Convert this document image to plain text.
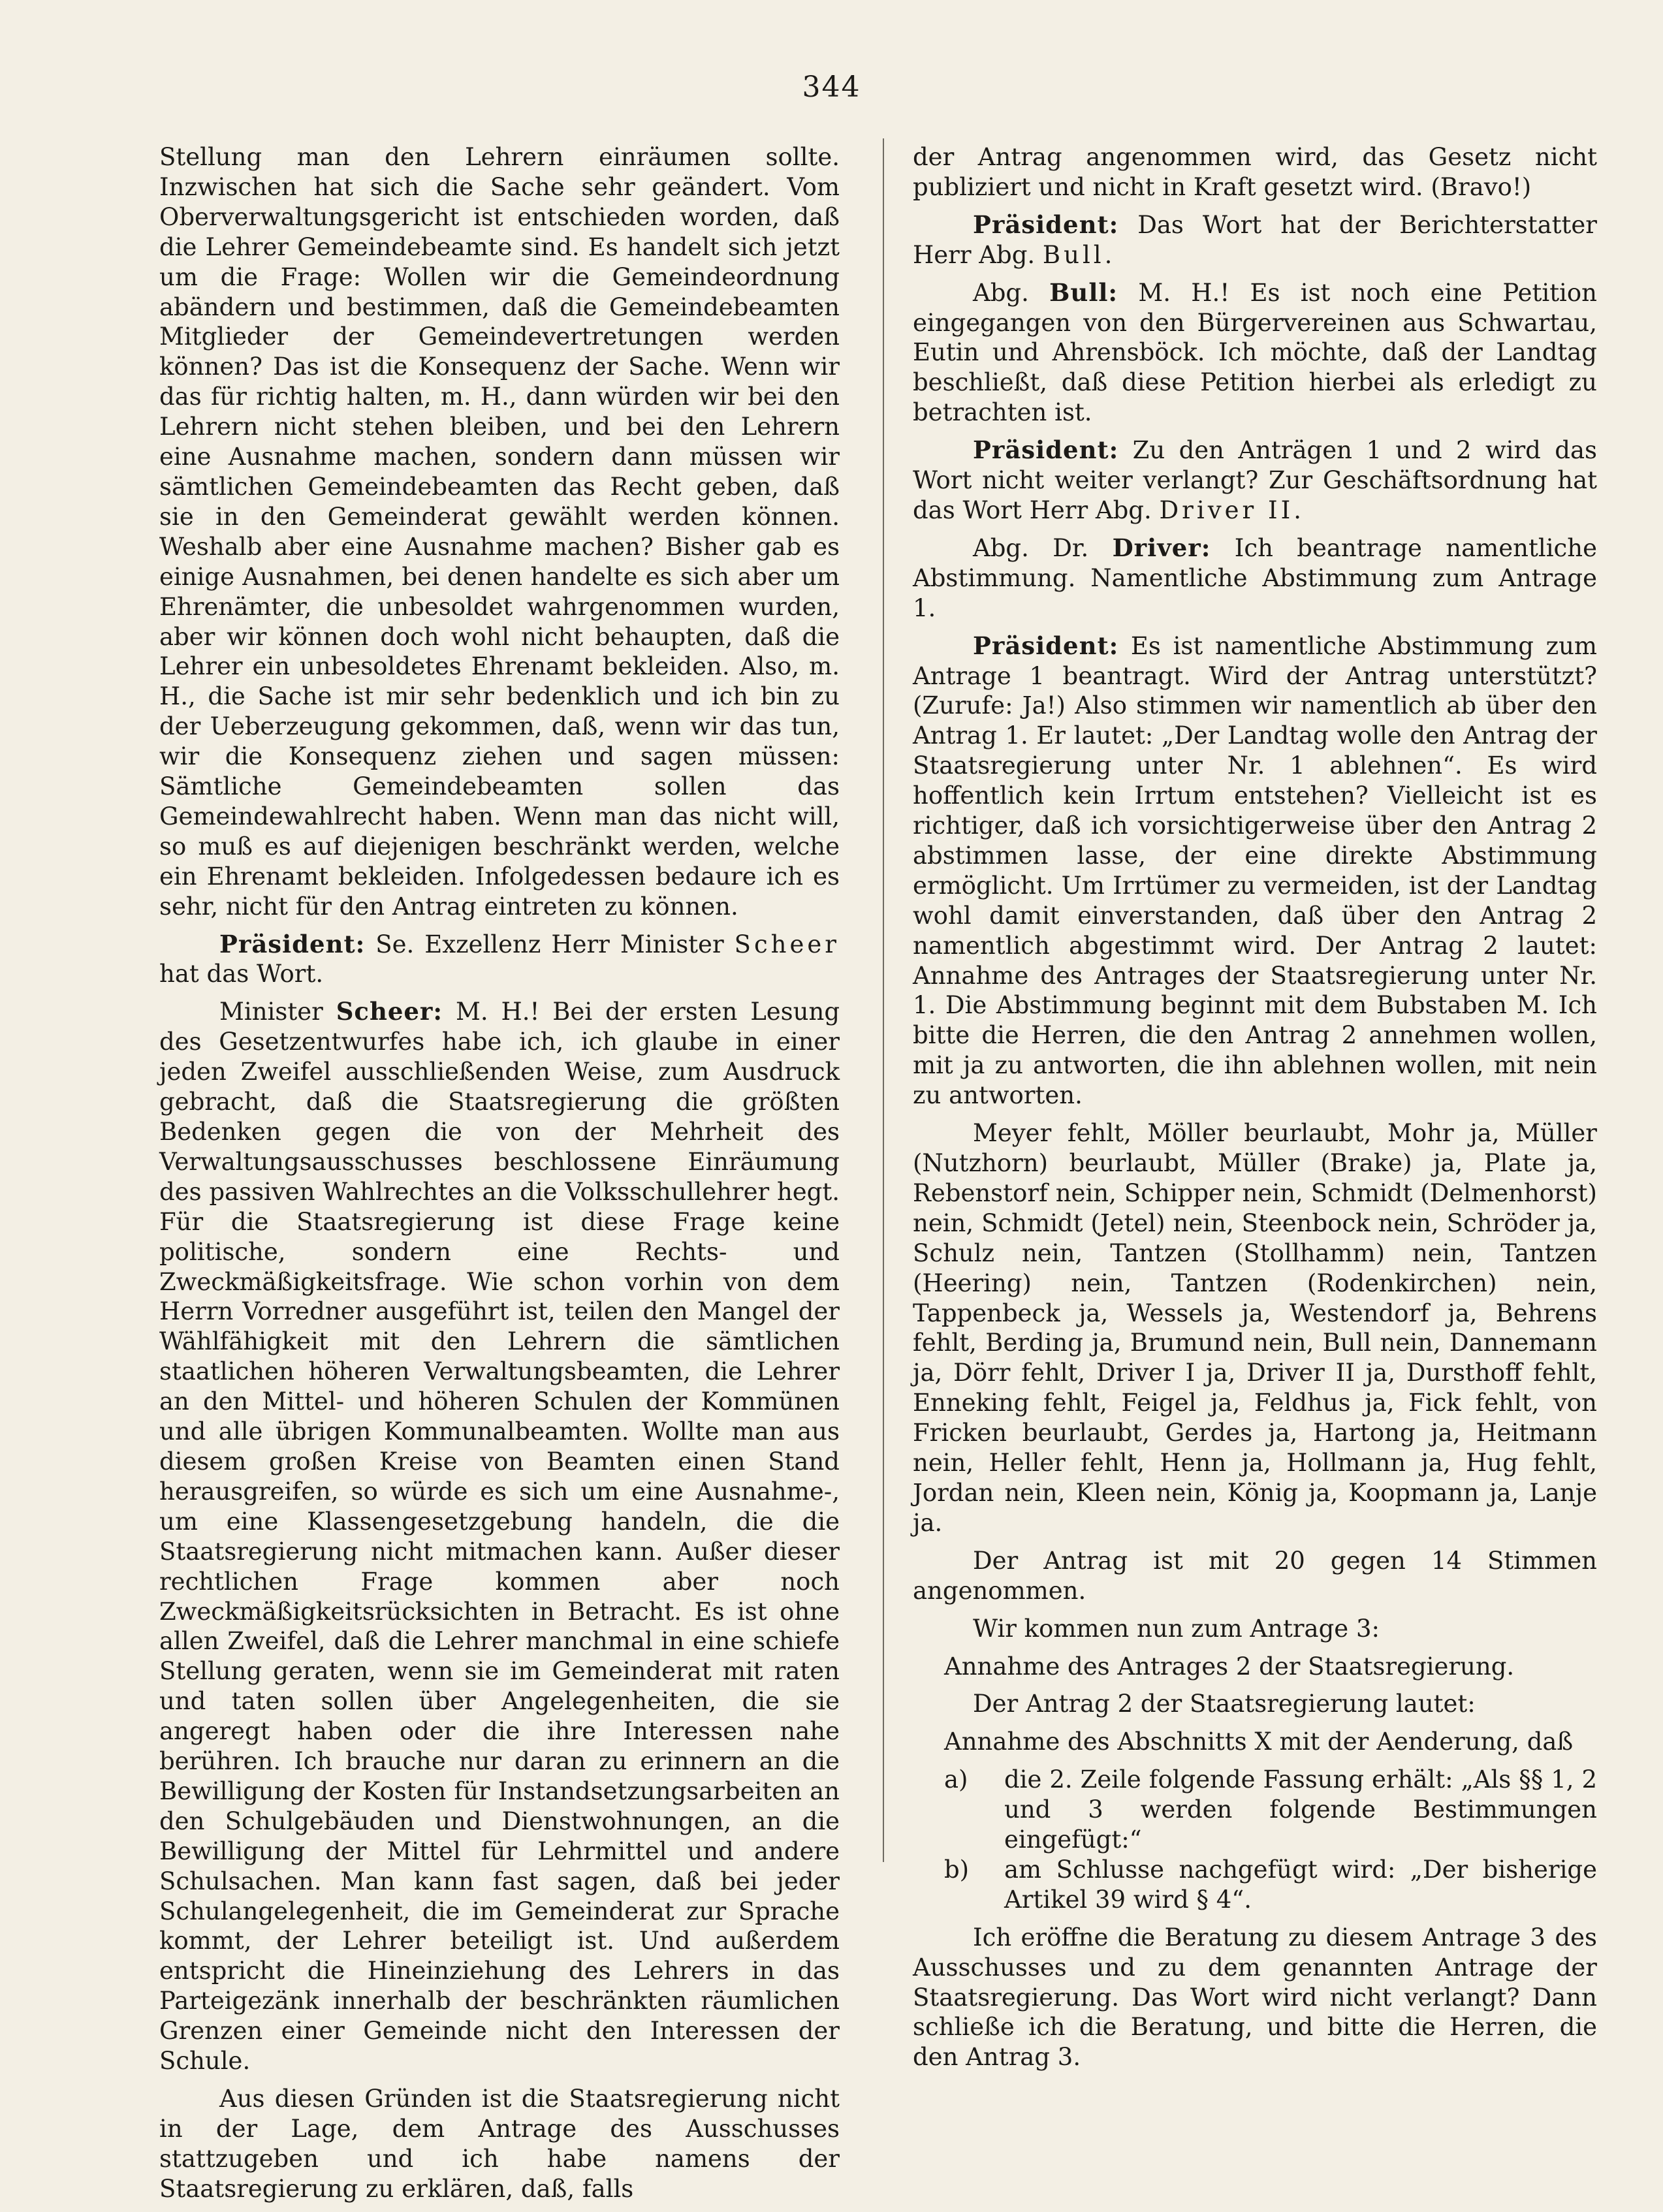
344

Stellung man den Lehrern einräumen sollte. Inzwischen hat sich die Sache sehr geändert. Vom Oberverwaltungsgericht ist entschieden worden, daß die Lehrer Gemeindebeamte sind. Es handelt sich jetzt um die Frage: Wollen wir die Gemeindeordnung abändern und bestimmen, daß die Gemeindebeamten Mitglieder der Gemeindevertretungen werden können? Das ist die Konsequenz der Sache. Wenn wir das für richtig halten, m. H., dann würden wir bei den Lehrern nicht stehen bleiben, und bei den Lehrern eine Ausnahme machen, sondern dann müssen wir sämtlichen Gemeindebeamten das Recht geben, daß sie in den Gemeinderat gewählt werden können. Weshalb aber eine Ausnahme machen? Bisher gab es einige Ausnahmen, bei denen handelte es sich aber um Ehrenämter, die unbesoldet wahrgenommen wurden, aber wir können doch wohl nicht behaupten, daß die Lehrer ein unbesoldetes Ehrenamt bekleiden. Also, m. H., die Sache ist mir sehr bedenklich und ich bin zu der Ueberzeugung gekommen, daß, wenn wir das tun, wir die Konsequenz ziehen und sagen müssen: Sämtliche Gemeindebeamten sollen das Gemeindewahlrecht haben. Wenn man das nicht will, so muß es auf diejenigen beschränkt werden, welche ein Ehrenamt bekleiden. Infolgedessen bedaure ich es sehr, nicht für den Antrag eintreten zu können.

Präsident: Se. Exzellenz Herr Minister Scheer hat das Wort.

Minister Scheer: M. H.! Bei der ersten Lesung des Gesetzentwurfes habe ich, ich glaube in einer jeden Zweifel ausschließenden Weise, zum Ausdruck gebracht, daß die Staatsregierung die größten Bedenken gegen die von der Mehrheit des Verwaltungsausschusses beschlossene Einräumung des passiven Wahlrechtes an die Volksschullehrer hegt. Für die Staatsregierung ist diese Frage keine politische, sondern eine Rechts- und Zweckmäßigkeitsfrage. Wie schon vorhin von dem Herrn Vorredner ausgeführt ist, teilen den Mangel der Wählfähigkeit mit den Lehrern die sämtlichen staatlichen höheren Verwaltungsbeamten, die Lehrer an den Mittel- und höheren Schulen der Kommünen und alle übrigen Kommunalbeamten. Wollte man aus diesem großen Kreise von Beamten einen Stand herausgreifen, so würde es sich um eine Ausnahme-, um eine Klassengesetzgebung handeln, die die Staatsregierung nicht mitmachen kann. Außer dieser rechtlichen Frage kommen aber noch Zweckmäßigkeitsrücksichten in Betracht. Es ist ohne allen Zweifel, daß die Lehrer manchmal in eine schiefe Stellung geraten, wenn sie im Gemeinderat mit raten und taten sollen über Angelegenheiten, die sie angeregt haben oder die ihre Interessen nahe berühren. Ich brauche nur daran zu erinnern an die Bewilligung der Kosten für Instandsetzungsarbeiten an den Schulgebäuden und Dienstwohnungen, an die Bewilligung der Mittel für Lehrmittel und andere Schulsachen. Man kann fast sagen, daß bei jeder Schulangelegenheit, die im Gemeinderat zur Sprache kommt, der Lehrer beteiligt ist. Und außerdem entspricht die Hineinziehung des Lehrers in das Parteigezänk innerhalb der beschränkten räumlichen Grenzen einer Gemeinde nicht den Interessen der Schule.

Aus diesen Gründen ist die Staatsregierung nicht in der Lage, dem Antrage des Ausschusses stattzugeben und ich habe namens der Staatsregierung zu erklären, daß, falls

der Antrag angenommen wird, das Gesetz nicht publiziert und nicht in Kraft gesetzt wird. (Bravo!)

Präsident: Das Wort hat der Berichterstatter Herr Abg. Bull.

Abg. Bull: M. H.! Es ist noch eine Petition eingegangen von den Bürgervereinen aus Schwartau, Eutin und Ahrensböck. Ich möchte, daß der Landtag beschließt, daß diese Petition hierbei als erledigt zu betrachten ist.

Präsident: Zu den Anträgen 1 und 2 wird das Wort nicht weiter verlangt? Zur Geschäftsordnung hat das Wort Herr Abg. Driver II.

Abg. Dr. Driver: Ich beantrage namentliche Abstimmung. Namentliche Abstimmung zum Antrage 1.

Präsident: Es ist namentliche Abstimmung zum Antrage 1 beantragt. Wird der Antrag unterstützt? (Zurufe: Ja!) Also stimmen wir namentlich ab über den Antrag 1. Er lautet: „Der Landtag wolle den Antrag der Staatsregierung unter Nr. 1 ablehnen“. Es wird hoffentlich kein Irrtum entstehen? Vielleicht ist es richtiger, daß ich vorsichtigerweise über den Antrag 2 abstimmen lasse, der eine direkte Abstimmung ermöglicht. Um Irrtümer zu vermeiden, ist der Landtag wohl damit einverstanden, daß über den Antrag 2 namentlich abgestimmt wird. Der Antrag 2 lautet: Annahme des Antrages der Staatsregierung unter Nr. 1. Die Abstimmung beginnt mit dem Bubstaben M. Ich bitte die Herren, die den Antrag 2 annehmen wollen, mit ja zu antworten, die ihn ablehnen wollen, mit nein zu antworten.

Meyer fehlt, Möller beurlaubt, Mohr ja, Müller (Nutzhorn) beurlaubt, Müller (Brake) ja, Plate ja, Rebenstorf nein, Schipper nein, Schmidt (Delmenhorst) nein, Schmidt (Jetel) nein, Steenbock nein, Schröder ja, Schulz nein, Tantzen (Stollhamm) nein, Tantzen (Heering) nein, Tantzen (Rodenkirchen) nein, Tappenbeck ja, Wessels ja, Westendorf ja, Behrens fehlt, Berding ja, Brumund nein, Bull nein, Dannemann ja, Dörr fehlt, Driver I ja, Driver II ja, Dursthoff fehlt, Enneking fehlt, Feigel ja, Feldhus ja, Fick fehlt, von Fricken beurlaubt, Gerdes ja, Hartong ja, Heitmann nein, Heller fehlt, Henn ja, Hollmann ja, Hug fehlt, Jordan nein, Kleen nein, König ja, Koopmann ja, Lanje ja.

Der Antrag ist mit 20 gegen 14 Stimmen angenommen.

Wir kommen nun zum Antrage 3:

Annahme des Antrages 2 der Staatsregierung.

Der Antrag 2 der Staatsregierung lautet:

Annahme des Abschnitts X mit der Aenderung, daß

a)	die 2. Zeile folgende Fassung erhält: „Als §§ 1, 2 und 3 werden folgende Bestimmungen eingefügt:“
b)	am Schlusse nachgefügt wird: „Der bisherige Artikel 39 wird § 4“.

Ich eröffne die Beratung zu diesem Antrage 3 des Ausschusses und zu dem genannten Antrage der Staatsregierung. Das Wort wird nicht verlangt? Dann schließe ich die Beratung, und bitte die Herren, die den Antrag 3.
